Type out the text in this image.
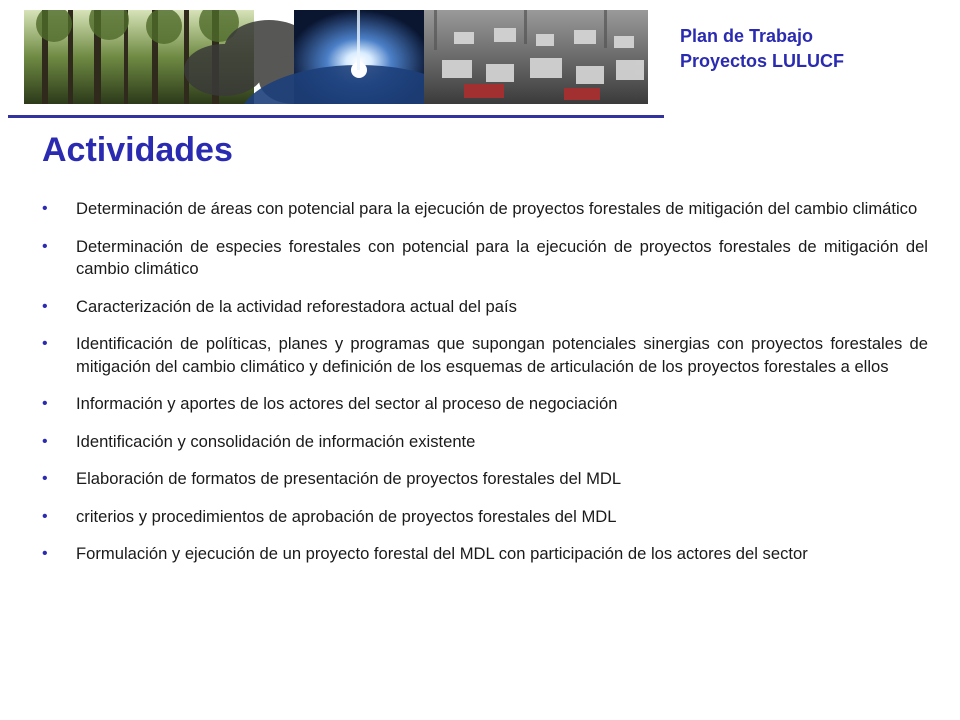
Plan de Trabajo
Proyectos LULUCF
Actividades
•	Determinación de áreas con potencial para la ejecución de proyectos forestales de mitigación del cambio climático
•	Determinación de especies forestales con potencial para la ejecución de proyectos forestales de mitigación del cambio climático
•	Caracterización de la actividad reforestadora actual del país
•	Identificación de políticas, planes y programas que supongan potenciales sinergias con proyectos forestales de mitigación del cambio climático y definición de los esquemas de articulación de los proyectos forestales a ellos
•	Información y aportes de los actores del sector al proceso de negociación
•	Identificación y consolidación de información existente
•	Elaboración de formatos de presentación de proyectos forestales del MDL
•	criterios y procedimientos de aprobación de proyectos forestales del MDL
•	Formulación y ejecución de un proyecto forestal del MDL con participación de los actores del sector
